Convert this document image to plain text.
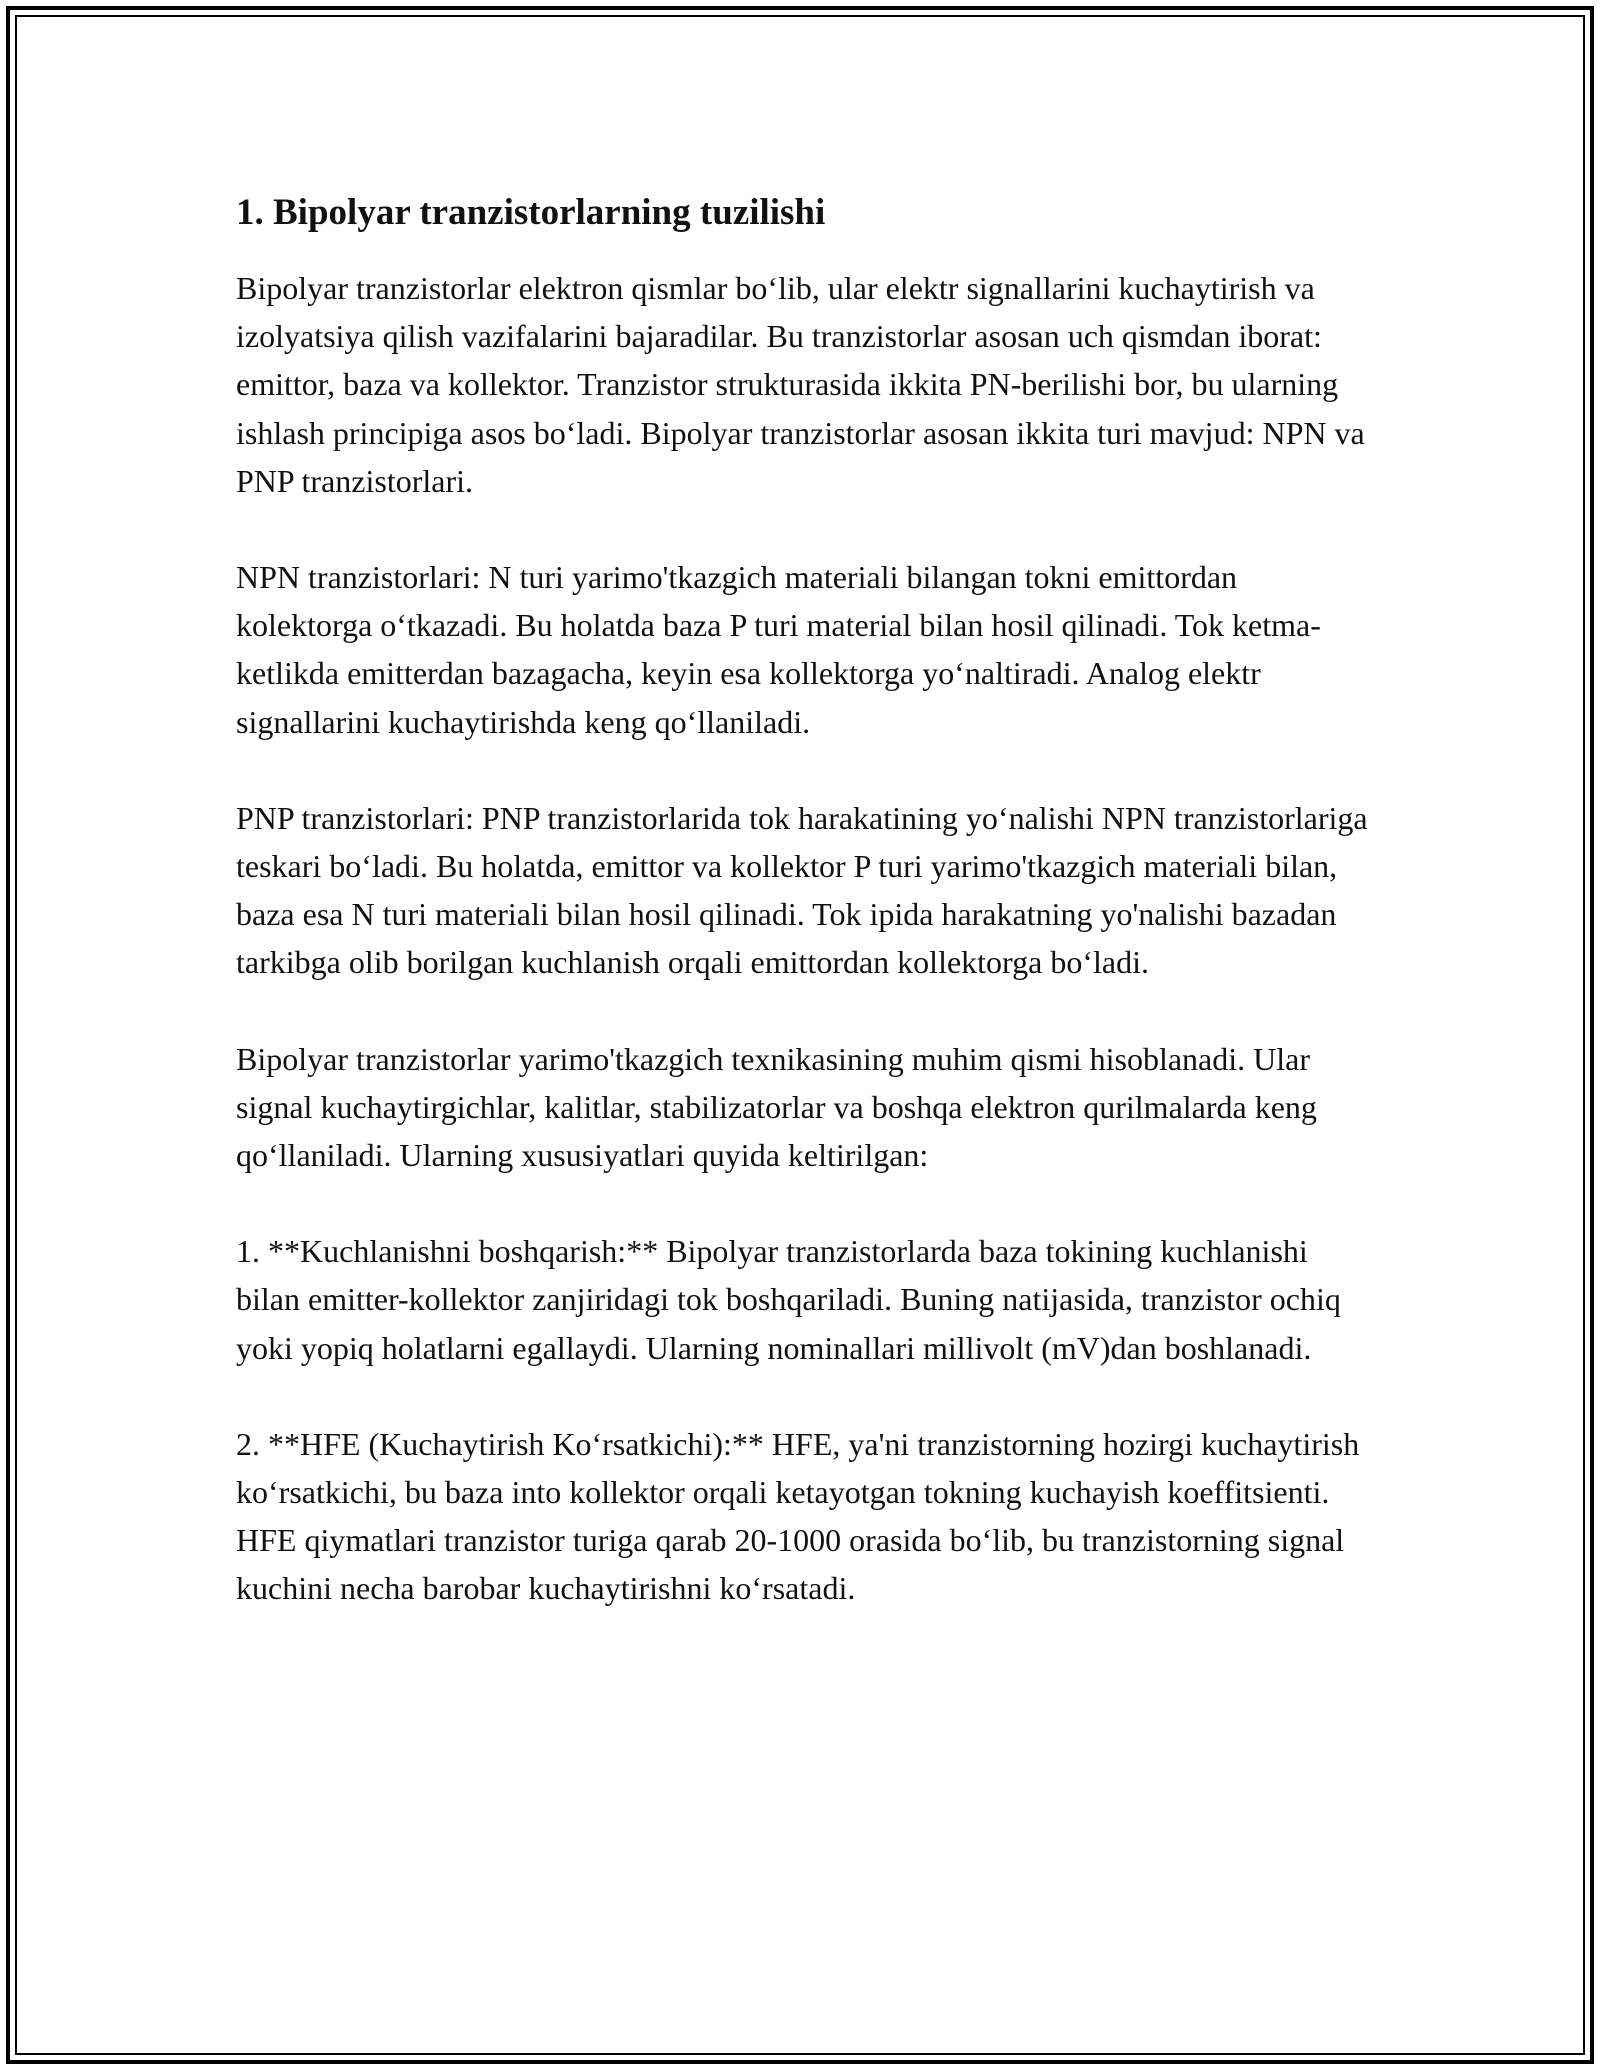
1. Bipolyar tranzistorlarning tuzilishi

Bipolyar tranzistorlar elektron qismlar bo‘lib, ular elektr signallarini kuchaytirish va izolyatsiya qilish vazifalarini bajaradilar. Bu tranzistorlar asosan uch qismdan iborat: emittor, baza va kollektor. Tranzistor strukturasida ikkita PN-berilishi bor, bu ularning ishlash principiga asos bo‘ladi. Bipolyar tranzistorlar asosan ikkita turi mavjud: NPN va PNP tranzistorlari.

NPN tranzistorlari: N turi yarimo'tkazgich materiali bilangan tokni emittordan kolektorga o‘tkazadi. Bu holatda baza P turi material bilan hosil qilinadi. Tok ketma-ketlikda emitterdan bazagacha, keyin esa kollektorga yo‘naltiradi. Analog elektr signallarini kuchaytirishda keng qo‘llaniladi.

PNP tranzistorlari: PNP tranzistorlarida tok harakatining yo‘nalishi NPN tranzistorlariga teskari bo‘ladi. Bu holatda, emittor va kollektor P turi yarimo'tkazgich materiali bilan, baza esa N turi materiali bilan hosil qilinadi. Tok ipida harakatning yo'nalishi bazadan tarkibga olib borilgan kuchlanish orqali emittordan kollektorga bo‘ladi.

Bipolyar tranzistorlar yarimo'tkazgich texnikasining muhim qismi hisoblanadi. Ular signal kuchaytirgichlar, kalitlar, stabilizatorlar va boshqa elektron qurilmalarda keng qo‘llaniladi. Ularning xususiyatlari quyida keltirilgan:

1. **Kuchlanishni boshqarish:** Bipolyar tranzistorlarda baza tokining kuchlanishi bilan emitter-kollektor zanjiridagi tok boshqariladi. Buning natijasida, tranzistor ochiq yoki yopiq holatlarni egallaydi. Ularning nominallari millivolt (mV)dan boshlanadi.

2. **HFE (Kuchaytirish Ko‘rsatkichi):** HFE, ya'ni tranzistorning hozirgi kuchaytirish ko‘rsatkichi, bu baza into kollektor orqali ketayotgan tokning kuchayish koeffitsienti. HFE qiymatlari tranzistor turiga qarab 20-1000 orasida bo‘lib, bu tranzistorning signal kuchini necha barobar kuchaytirishni ko‘rsatadi.
